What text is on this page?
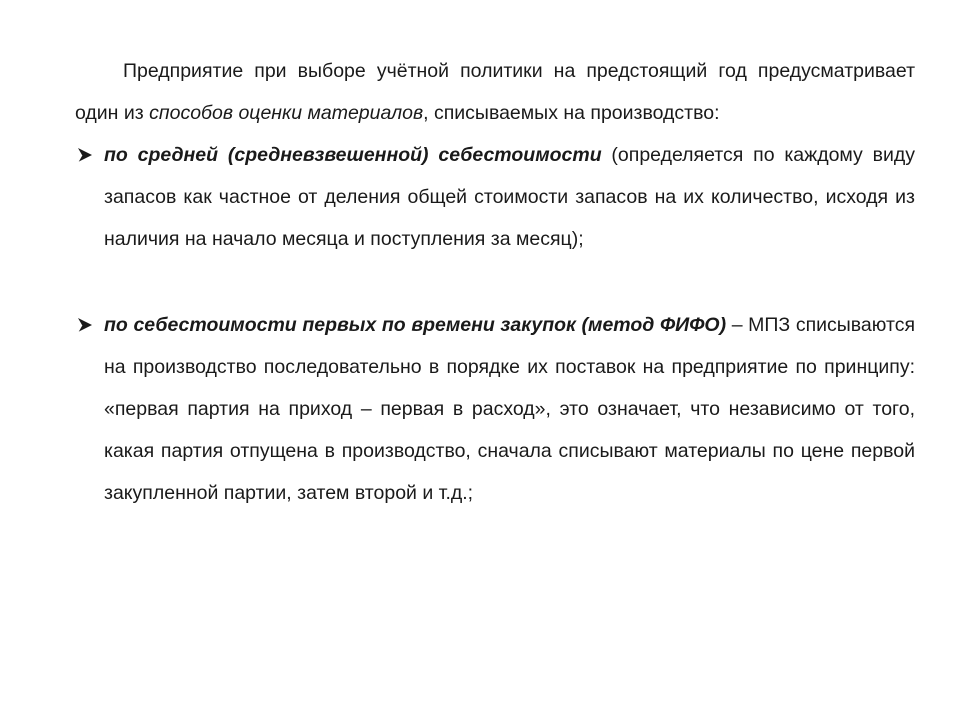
Предприятие при выборе учётной политики на предстоящий год предусматривает один из способов оценки материалов, списываемых на производство:

по средней (средневзвешенной) себестоимости (определяется по каждому виду запасов как частное от деления общей стоимости запасов на их количество, исходя из наличия на начало месяца и поступления за месяц);

по себестоимости первых по времени закупок (метод ФИФО) – МПЗ списываются на производство последовательно в порядке их поставок на предприятие по принципу: «первая партия на приход – первая в расход», это означает, что независимо от того, какая партия отпущена в производство, сначала списывают материалы по цене первой закупленной партии, затем второй и т.д.;
